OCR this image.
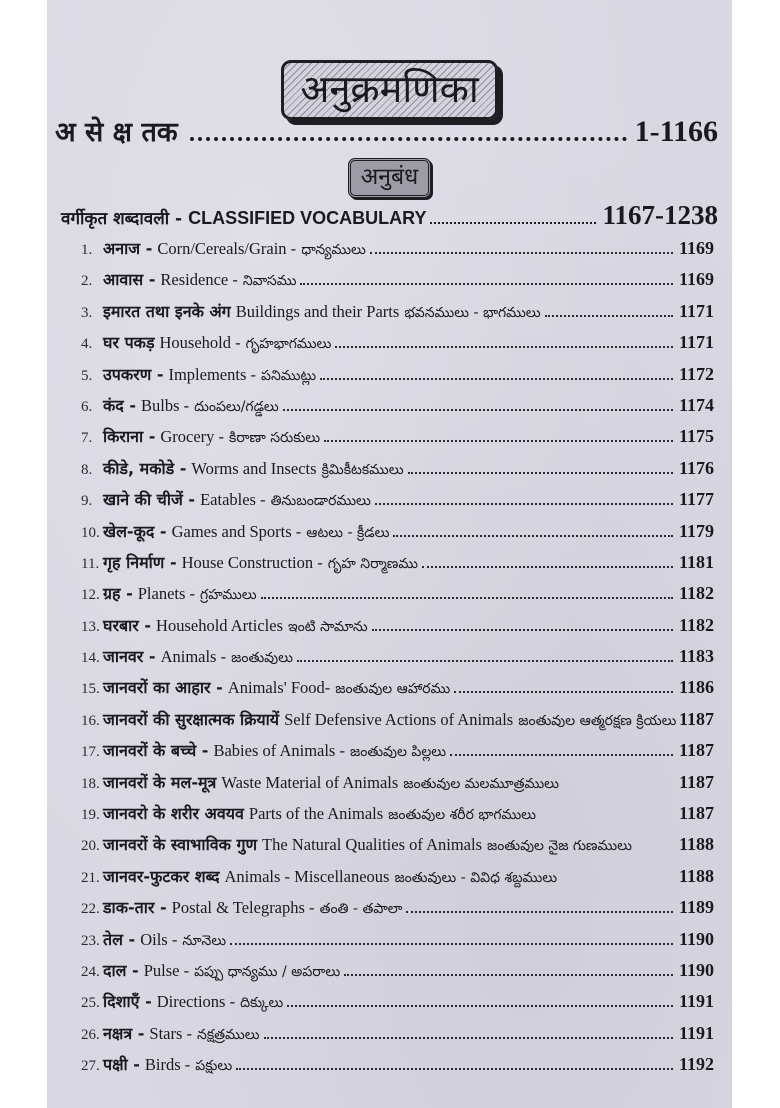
अनुक्रमणिका
अ से क्ष तक	1-1166
अनुबंध
वर्गीकृत शब्दावली - CLASSIFIED VOCABULARY	1167-1238
1. अनाज - Corn/Cereals/Grain - ధాన్యములు	1169
2. आवास - Residence - నివాసము	1169
3. इमारत तथा इनके अंग Buildings and their Parts భవనములు - భాగములు	1171
4. घर पकड़ Household - గృహభాగములు	1171
5. उपकरण - Implements - పనిముట్లు	1172
6. कंद - Bulbs - దుంపలు/గడ్డలు	1174
7. किराना - Grocery - కిరాణా సరుకులు	1175
8. कीडे, मकोडे - Worms and Insects క్రిమికీటకములు	1176
9. खाने की चीजें - Eatables - తినుబండారములు	1177
10. खेल-कूद - Games and Sports - ఆటలు - క్రీడలు	1179
11. गृह निर्माण - House Construction - గృహ నిర్మాణము	1181
12. ग्रह - Planets - గ్రహములు	1182
13. घरबार - Household Articles ఇంటి సామాను	1182
14. जानवर - Animals - జంతువులు	1183
15. जानवरों का आहार - Animals' Food- జంతువుల ఆహారము	1186
16. जानवरों की सुरक्षात्मक क्रियायें Self Defensive Actions of Animals జంతువుల ఆత్మరక్షణ క్రియలు 1187
17. जानवरों के बच्चे - Babies of Animals - జంతువుల పిల్లలు	1187
18. जानवरों के मल-मूत्र Waste Material of Animals జంతువుల మలమూత్రములు	1187
19. जानवरो के शरीर अवयव Parts of the Animals జంతువుల శరీర భాగములు	1187
20. जानवरों के स्वाभाविक गुण The Natural Qualities of Animals జంతువుల నైజ గుణములు	1188
21. जानवर-फुटकर शब्द Animals - Miscellaneous జంతువులు - వివిధ శబ్దములు	1188
22. डाक-तार - Postal & Telegraphs - తంతి - తపాలా	1189
23. तेल - Oils - నూనెలు	1190
24. दाल - Pulse - పప్పు ధాన్యము / అపరాలు	1190
25. दिशाएँ - Directions - దిక్కులు	1191
26. नक्षत्र - Stars - నక్షత్రములు	1191
27. पक्षी - Birds - పక్షులు	1192
